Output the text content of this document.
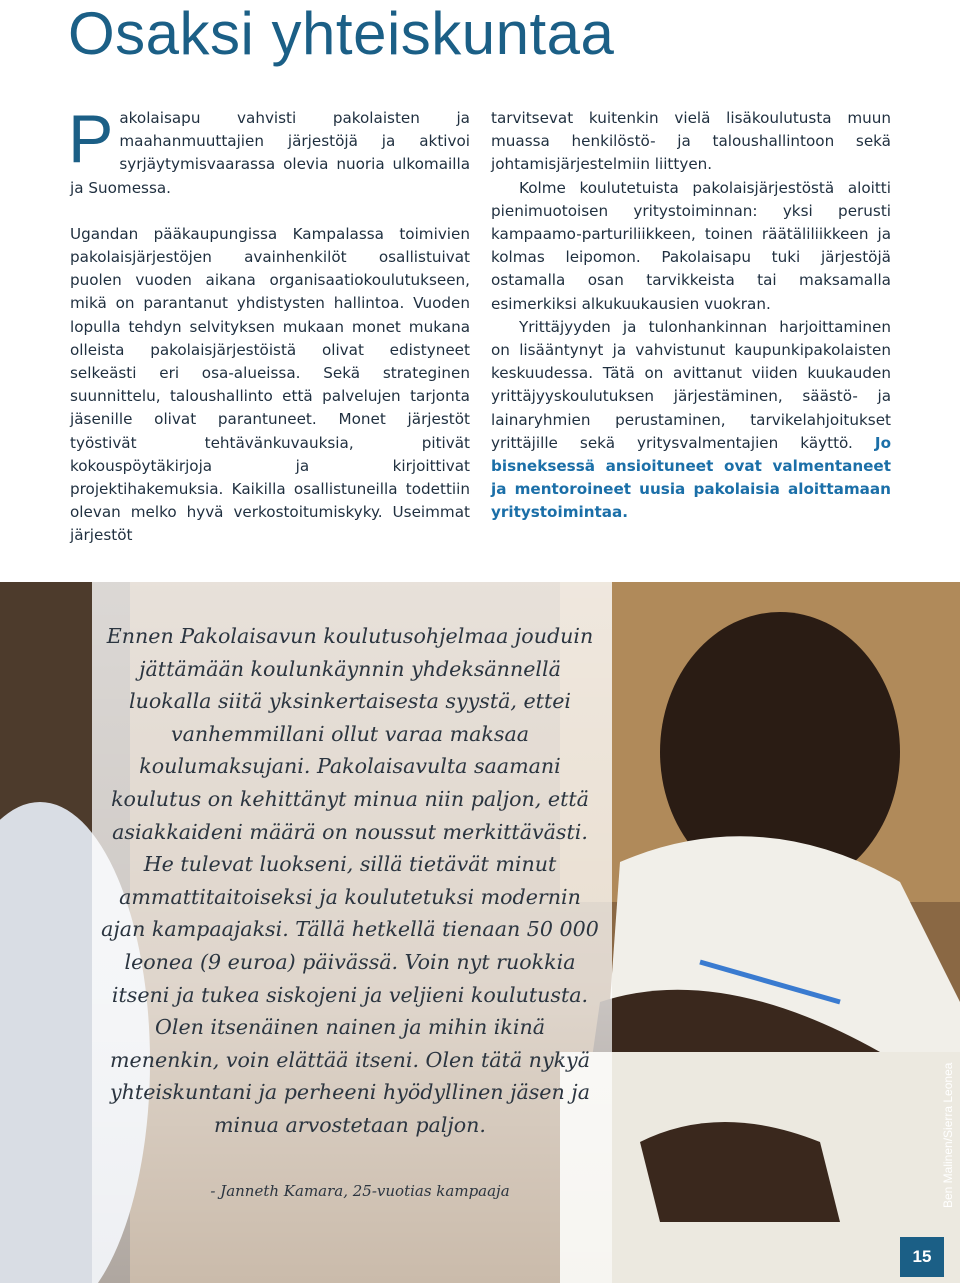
Osaksi yhteiskuntaa

Pakolaisapu vahvisti pakolaisten ja maahanmuuttajien järjestöjä ja aktivoi syrjäytymisvaarassa olevia nuoria ulkomailla ja Suomessa.

Ugandan pääkaupungissa Kampalassa toimivien pakolaisjärjestöjen avainhenkilöt osallistuivat puolen vuoden aikana organisaatiokoulutukseen, mikä on parantanut yhdistysten hallintoa. Vuoden lopulla tehdyn selvityksen mukaan monet mukana olleista pakolaisjärjestöistä olivat edistyneet selkeästi eri osa-alueissa. Sekä strateginen suunnittelu, taloushallinto että palvelujen tarjonta jäsenille olivat parantuneet. Monet järjestöt työstivät tehtävänkuvauksia, pitivät kokouspöytäkirjoja ja kirjoittivat projektihakemuksia. Kaikilla osallistuneilla todettiin olevan melko hyvä verkostoitumiskyky. Useimmat järjestöt

tarvitsevat kuitenkin vielä lisäkoulutusta muun muassa henkilöstö- ja taloushallintoon sekä johtamisjärjestelmiin liittyen.

Kolme koulutetuista pakolaisjärjestöstä aloitti pienimuotoisen yritystoiminnan: yksi perusti kampaamo-parturiliikkeen, toinen räätäliliikkeen ja kolmas leipomon. Pakolaisapu tuki järjestöjä ostamalla osan tarvikkeista tai maksamalla esimerkiksi alkukuukausien vuokran.

Yrittäjyyden ja tulonhankinnan harjoittaminen on lisääntynyt ja vahvistunut kaupunkipakolaisten keskuudessa. Tätä on avittanut viiden kuukauden yrittäjyyskoulutuksen järjestäminen, säästö- ja lainaryhmien perustaminen, tarvikelahjoitukset yrittäjille sekä yritysvalmentajien käyttö. Jo bisneksessä ansioituneet ovat valmentaneet ja mentoroineet uusia pakolaisia aloittamaan yritystoimintaa.

Ennen Pakolaisavun koulutusohjelmaa jouduin jättämään koulunkäynnin yhdeksännellä luokalla siitä yksinkertaisesta syystä, ettei vanhemmillani ollut varaa maksaa koulumaksujani. Pakolaisavulta saamani koulutus on kehittänyt minua niin paljon, että asiakkaideni määrä on noussut merkittävästi. He tulevat luokseni, sillä tietävät minut ammattitaitoiseksi ja koulutetuksi modernin ajan kampaajaksi. Tällä hetkellä tienaan 50 000 leonea (9 euroa) päivässä. Voin nyt ruokkia itseni ja tukea siskojeni ja veljieni koulutusta. Olen itsenäinen nainen ja mihin ikinä menenkin, voin elättää itseni. Olen tätä nykyä yhteiskuntani ja perheeni hyödyllinen jäsen ja minua arvostetaan paljon.

- Janneth Kamara, 25-vuotias kampaaja	Ben Malinen/Sierra Leonea
15
